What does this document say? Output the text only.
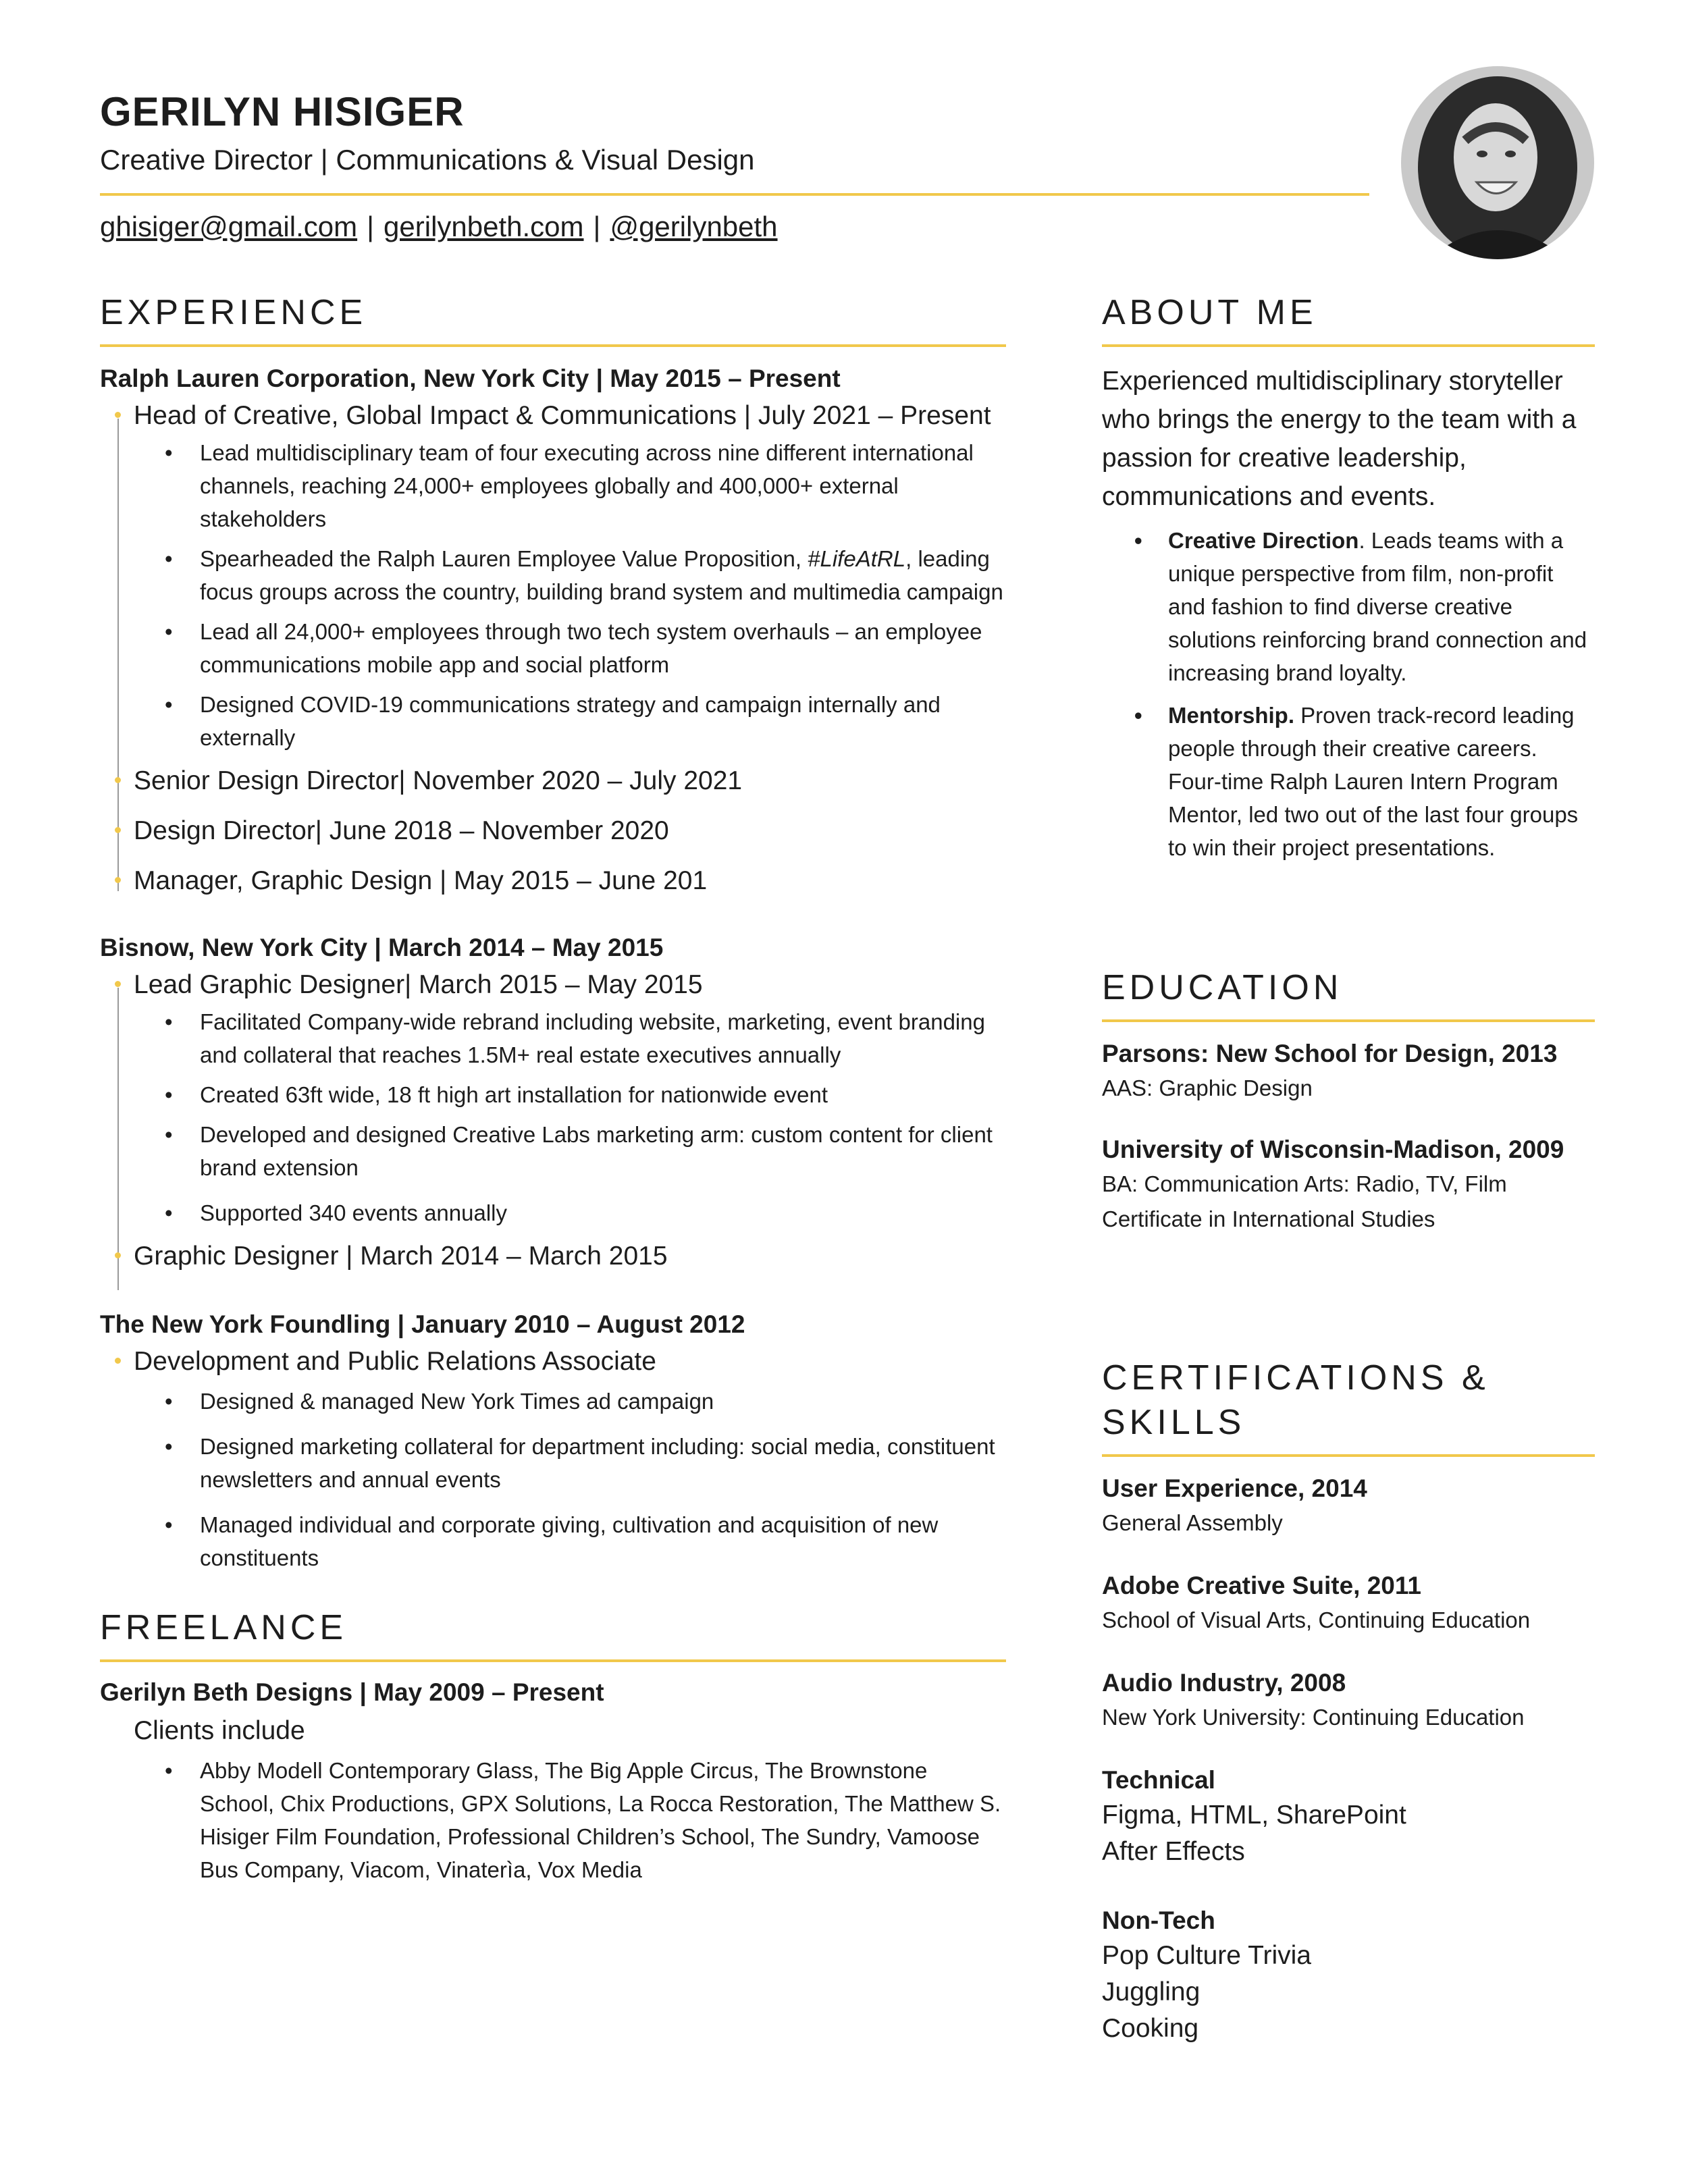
GERILYN HISIGER
Creative Director | Communications & Visual Design
ghisiger@gmail.com | gerilynbeth.com | @gerilynbeth
EXPERIENCE
Ralph Lauren Corporation, New York City | May 2015 – Present
Head of Creative, Global Impact & Communications | July 2021 – Present
• Lead multidisciplinary team of four executing across nine different international channels, reaching 24,000+ employees globally and 400,000+ external stakeholders
• Spearheaded the Ralph Lauren Employee Value Proposition, #LifeAtRL, leading focus groups across the country, building brand system and multimedia campaign
• Lead all 24,000+ employees through two tech system overhauls – an employee communications mobile app and social platform
• Designed COVID-19 communications strategy and campaign internally and externally
Senior Design Director| November 2020 – July 2021
Design Director| June 2018 – November 2020
Manager, Graphic Design | May 2015 – June 201
Bisnow, New York City | March 2014 – May 2015
Lead Graphic Designer| March 2015 – May 2015
• Facilitated Company-wide rebrand including website, marketing, event branding and collateral that reaches 1.5M+ real estate executives annually
• Created 63ft wide, 18 ft high art installation for nationwide event
• Developed and designed Creative Labs marketing arm: custom content for client brand extension
• Supported 340 events annually
Graphic Designer | March 2014 – March 2015
The New York Foundling | January 2010 – August 2012
Development and Public Relations Associate
• Designed & managed New York Times ad campaign
• Designed marketing collateral for department including: social media, constituent newsletters and annual events
• Managed individual and corporate giving, cultivation and acquisition of new constituents
FREELANCE
Gerilyn Beth Designs | May 2009 – Present
Clients include
• Abby Modell Contemporary Glass, The Big Apple Circus, The Brownstone School, Chix Productions, GPX Solutions, La Rocca Restoration, The Matthew S. Hisiger Film Foundation, Professional Children’s School, The Sundry, Vamoose Bus Company, Viacom, Vinaterìa, Vox Media
ABOUT ME
Experienced multidisciplinary storyteller who brings the energy to the team with a passion for creative leadership, communications and events.
• Creative Direction. Leads teams with a unique perspective from film, non-profit and fashion to find diverse creative solutions reinforcing brand connection and increasing brand loyalty.
• Mentorship. Proven track-record leading people through their creative careers. Four-time Ralph Lauren Intern Program Mentor, led two out of the last four groups to win their project presentations.
EDUCATION
Parsons: New School for Design, 2013
AAS: Graphic Design
University of Wisconsin-Madison, 2009
BA: Communication Arts: Radio, TV, Film
Certificate in International Studies
CERTIFICATIONS & SKILLS
User Experience, 2014
General Assembly
Adobe Creative Suite, 2011
School of Visual Arts, Continuing Education
Audio Industry, 2008
New York University: Continuing Education
Technical
Figma, HTML, SharePoint
After Effects
Non-Tech
Pop Culture Trivia
Juggling
Cooking
